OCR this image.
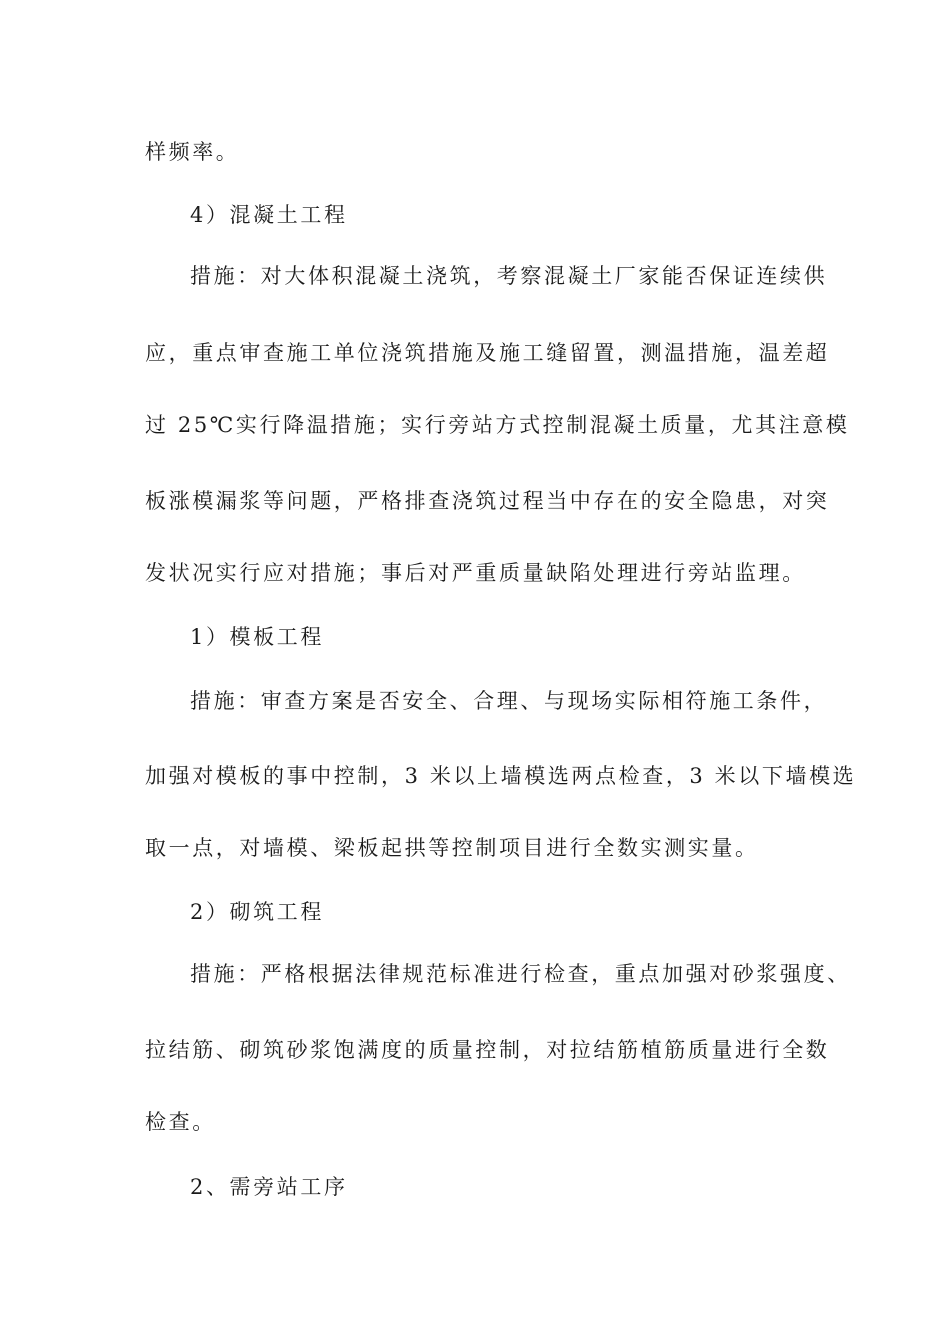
样频率。
4）混凝土工程
措施：对大体积混凝土浇筑，考察混凝土厂家能否保证连续供
应，重点审查施工单位浇筑措施及施工缝留置，测温措施，温差超
过 25℃实行降温措施；实行旁站方式控制混凝土质量，尤其注意模
板涨模漏浆等问题，严格排查浇筑过程当中存在的安全隐患，对突
发状况实行应对措施；事后对严重质量缺陷处理进行旁站监理。
1）模板工程
措施：审查方案是否安全、合理、与现场实际相符施工条件，
加强对模板的事中控制，3 米以上墙模选两点检查，3 米以下墙模选
取一点，对墙模、梁板起拱等控制项目进行全数实测实量。
2）砌筑工程
措施：严格根据法律规范标准进行检查，重点加强对砂浆强度、
拉结筋、砌筑砂浆饱满度的质量控制，对拉结筋植筋质量进行全数
检查。
2、需旁站工序
